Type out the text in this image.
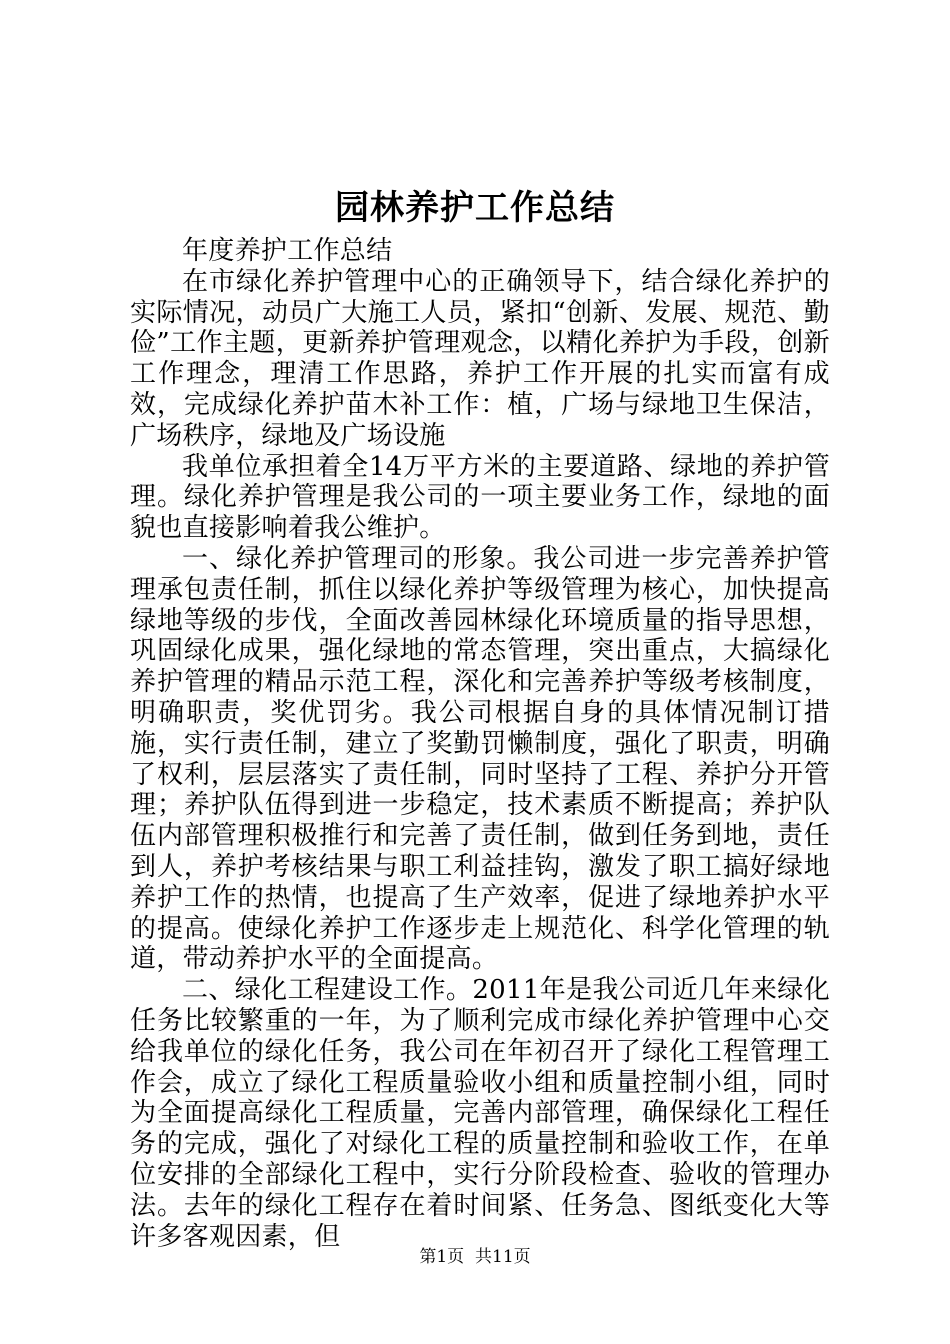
园林养护工作总结

年度养护工作总结

在市绿化养护管理中心的正确领导下，结合绿化养护的实际情况，动员广大施工人员，紧扣“创新、发展、规范、勤俭”工作主题，更新养护管理观念，以精化养护为手段，创新工作理念，理清工作思路，养护工作开展的扎实而富有成效，完成绿化养护苗木补工作：植，广场与绿地卫生保洁，广场秩序，绿地及广场设施

我单位承担着全14万平方米的主要道路、绿地的养护管理。绿化养护管理是我公司的一项主要业务工作，绿地的面貌也直接影响着我公维护。

一、绿化养护管理司的形象。我公司进一步完善养护管理承包责任制，抓住以绿化养护等级管理为核心，加快提高绿地等级的步伐，全面改善园林绿化环境质量的指导思想，巩固绿化成果，强化绿地的常态管理，突出重点，大搞绿化养护管理的精品示范工程，深化和完善养护等级考核制度，明确职责，奖优罚劣。我公司根据自身的具体情况制订措施，实行责任制，建立了奖勤罚懒制度，强化了职责，明确了权利，层层落实了责任制，同时坚持了工程、养护分开管理；养护队伍得到进一步稳定，技术素质不断提高；养护队伍内部管理积极推行和完善了责任制，做到任务到地，责任到人，养护考核结果与职工利益挂钩，激发了职工搞好绿地养护工作的热情，也提高了生产效率，促进了绿地养护水平的提高。使绿化养护工作逐步走上规范化、科学化管理的轨道，带动养护水平的全面提高。

二、绿化工程建设工作。2011年是我公司近几年来绿化任务比较繁重的一年，为了顺利完成市绿化养护管理中心交给我单位的绿化任务，我公司在年初召开了绿化工程管理工作会，成立了绿化工程质量验收小组和质量控制小组，同时为全面提高绿化工程质量，完善内部管理，确保绿化工程任务的完成，强化了对绿化工程的质量控制和验收工作，在单位安排的全部绿化工程中，实行分阶段检查、验收的管理办法。去年的绿化工程存在着时间紧、任务急、图纸变化大等许多客观因素，但

第1页 共11页
